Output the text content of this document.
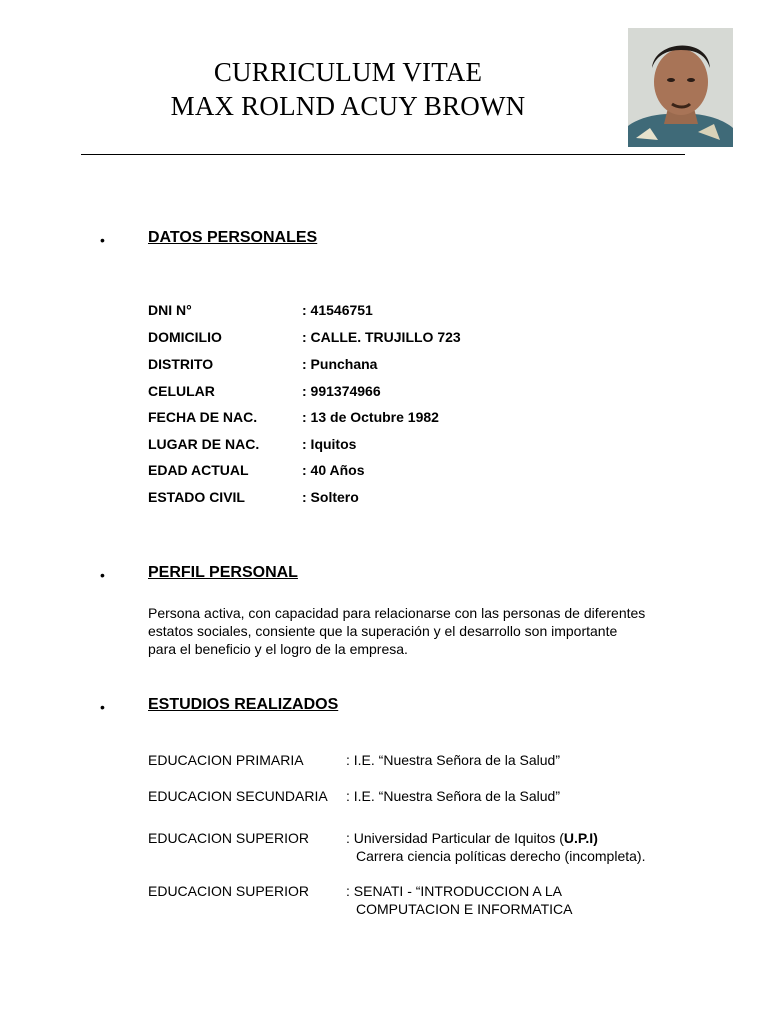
CURRICULUM VITAE
MAX ROLND ACUY BROWN
•	DATOS PERSONALES
DNI N°	: 41546751
DOMICILIO	: CALLE. TRUJILLO 723
DISTRITO	: Punchana
CELULAR	: 991374966
FECHA DE NAC.	: 13 de Octubre 1982
LUGAR DE NAC.	: Iquitos
EDAD ACTUAL	: 40 Años
ESTADO CIVIL	: Soltero
•	PERFIL PERSONAL
Persona activa, con capacidad para relacionarse con las personas de diferentes
estatos sociales, consiente que la superación y el desarrollo son importante
para el beneficio y el logro de la empresa.
•	ESTUDIOS REALIZADOS
EDUCACION PRIMARIA	: I.E. “Nuestra Señora de la Salud”
EDUCACION SECUNDARIA : I.E. “Nuestra Señora de la Salud”
EDUCACION SUPERIOR	: Universidad Particular de Iquitos (U.P.I)
Carrera ciencia políticas derecho (incompleta).
EDUCACION SUPERIOR	: SENATI - “INTRODUCCION A LA
COMPUTACION E INFORMATICA
